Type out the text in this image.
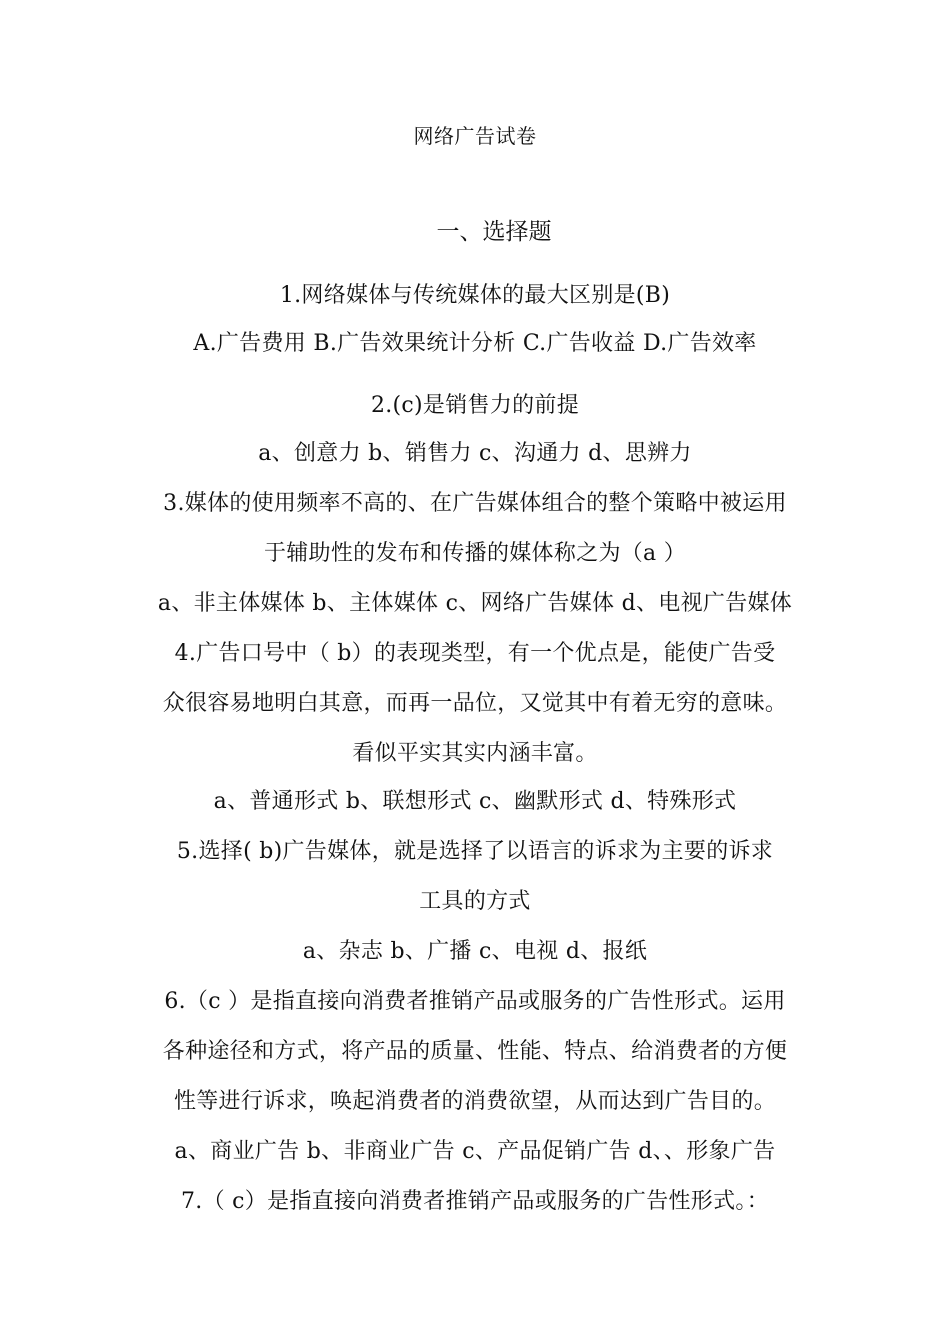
网络广告试卷
一、选择题
1.网络媒体与传统媒体的最大区别是(B)
A.广告费用 B.广告效果统计分析 C.广告收益 D.广告效率
2.(c)是销售力的前提
a、创意力 b、销售力 c、沟通力 d、思辨力
3.媒体的使用频率不高的、在广告媒体组合的整个策略中被运用
于辅助性的发布和传播的媒体称之为（a ）
a、非主体媒体 b、主体媒体 c、网络广告媒体 d、电视广告媒体
4.广告口号中（ b）的表现类型，有一个优点是，能使广告受
众很容易地明白其意，而再一品位，又觉其中有着无穷的意味。
看似平实其实内涵丰富。
a、普通形式 b、联想形式 c、幽默形式 d、特殊形式
5.选择( b)广告媒体，就是选择了以语言的诉求为主要的诉求
工具的方式
a、杂志 b、广播 c、电视 d、报纸
6.（c ）是指直接向消费者推销产品或服务的广告性形式。运用
各种途径和方式，将产品的质量、性能、特点、给消费者的方便
性等进行诉求，唤起消费者的消费欲望，从而达到广告目的。
a、商业广告 b、非商业广告 c、产品促销广告 d、、形象广告
7.（ c）是指直接向消费者推销产品或服务的广告性形式。：
